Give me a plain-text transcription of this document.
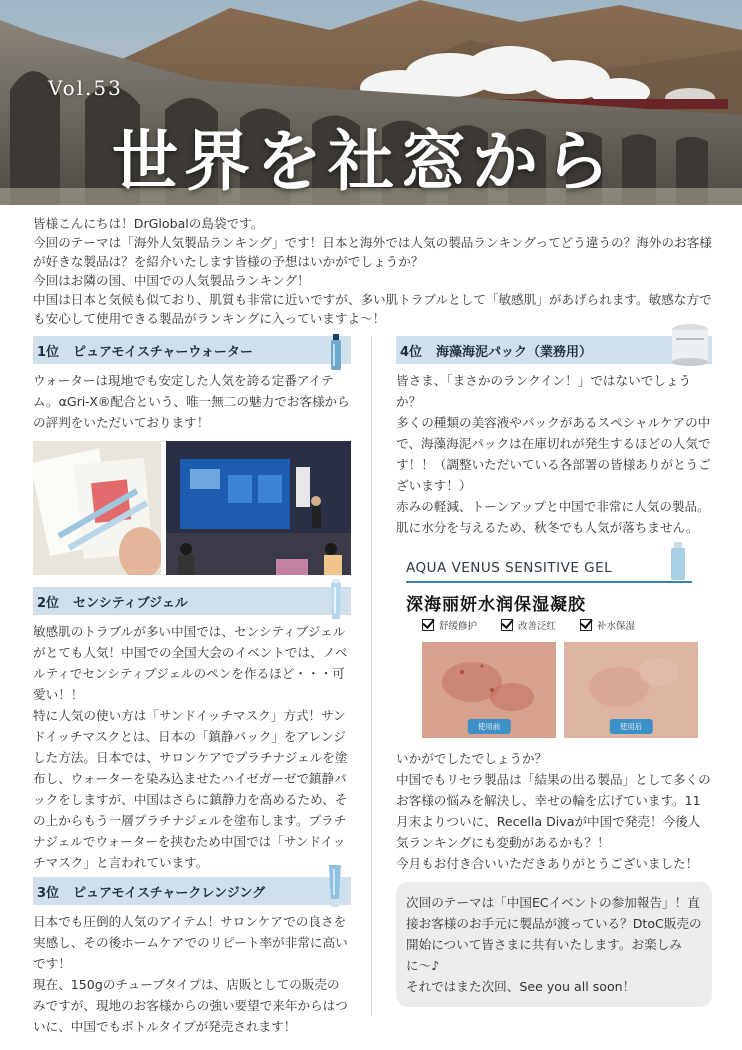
Vol.53
世界を社窓から

皆様こんにちは！DrGlobalの島袋です。

今回のテーマは「海外人気製品ランキング」です！日本と海外では人気の製品ランキングってどう違うの？海外のお客様が好きな製品は？を紹介いたします皆様の予想はいかがでしょうか？

今回はお隣の国、中国での人気製品ランキング！

中国は日本と気候も似ており、肌質も非常に近いですが、多い肌トラブルとして「敏感肌」があげられます。敏感な方でも安心して使用できる製品がランキングに入っていますよ〜！

1位 ピュアモイスチャーウォーター
ウォーターは現地でも安定した人気を誇る定番アイテム。αGri-X®配合という、唯一無二の魅力でお客様からの評判をいただいております！
2位 センシティブジェル

敏感肌のトラブルが多い中国では、センシティブジェルがとても人気！中国での全国大会のイベントでは、ノベルティでセンシティブジェルのペンを作るほど・・・可愛い！！

特に人気の使い方は「サンドイッチマスク」方式！サンドイッチマスクとは、日本の「鎮静パック」をアレンジした方法。日本では、サロンケアでプラチナジェルを塗布し、ウォーターを染み込ませたハイゼガーゼで鎮静パックをしますが、中国はさらに鎮静力を高めるため、その上からもう一層プラチナジェルを塗布します。プラチナジェルでウォーターを挟むため中国では「サンドイッチマスク」と言われています。

3位 ピュアモイスチャークレンジング

日本でも圧倒的人気のアイテム！サロンケアでの良さを実感し、その後ホームケアでのリピート率が非常に高いです！

現在、150gのチューブタイプは、店販としての販売のみですが、現地のお客様からの強い要望で来年からはついに、中国でもボトルタイプが発売されます！

4位 海藻海泥パック（業務用）

皆さま、「まさかのランクイン！」ではないでしょうか？

多くの種類の美容液やパックがあるスペシャルケアの中で、海藻海泥パックは在庫切れが発生するほどの人気です！！（調整いただいている各部署の皆様ありがとうございます！）

赤みの軽減、トーンアップと中国で非常に人気の製品。肌に水分を与えるため、秋冬でも人気が落ちません。

AQUA VENUS SENSITIVE GEL
深海丽妍水润保湿凝胶
舒缓修护	改善泛红	补水保湿
使用前	使用后

いかがでしたでしょうか？

中国でもリセラ製品は「結果の出る製品」として多くのお客様の悩みを解決し、幸せの輪を広げています。11月末よりついに、Recella Divaが中国で発売！今後人気ランキングにも変動があるかも？！

今月もお付き合いいただきありがとうございました！

次回のテーマは「中国ECイベントの参加報告」！直接お客様のお手元に製品が渡っている？DtoC販売の開始について皆さまに共有いたします。お楽しみに〜♪

それではまた次回、See you all soon！
